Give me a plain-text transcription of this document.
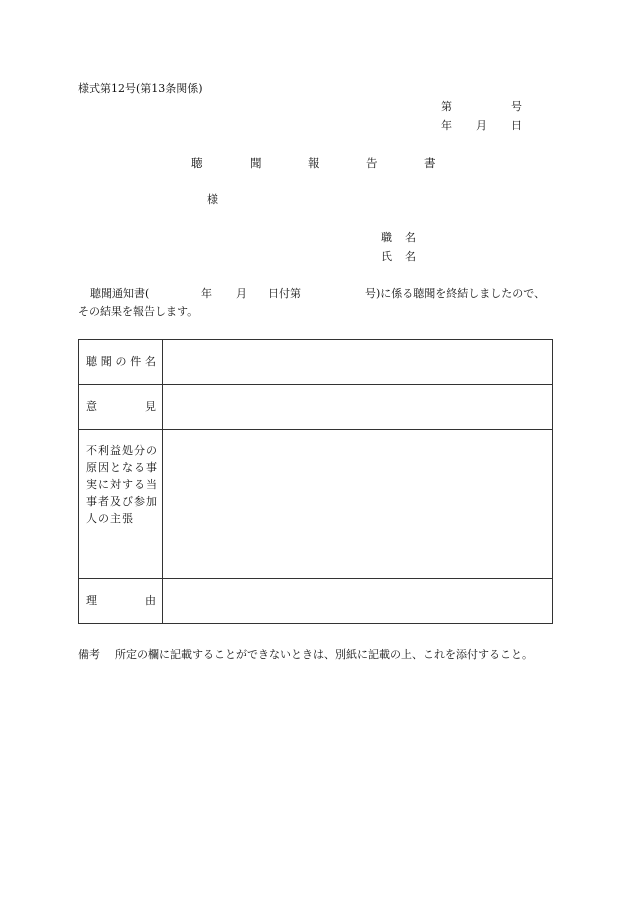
様式第12号(第13条関係)
第	号
年 月 日
聴	聞	報	告	書
様
職 名
氏 名
聴聞通知書(	年 月 日付第	号)に係る聴聞を終結しましたので、
その結果を報告します。
聴 聞 の 件 名	

意 見	

不利益処分の原因となる事実に対する当事者及び参加人の主張	

理 由	

備考 所定の欄に記載することができないときは、別紙に記載の上、これを添付すること。
